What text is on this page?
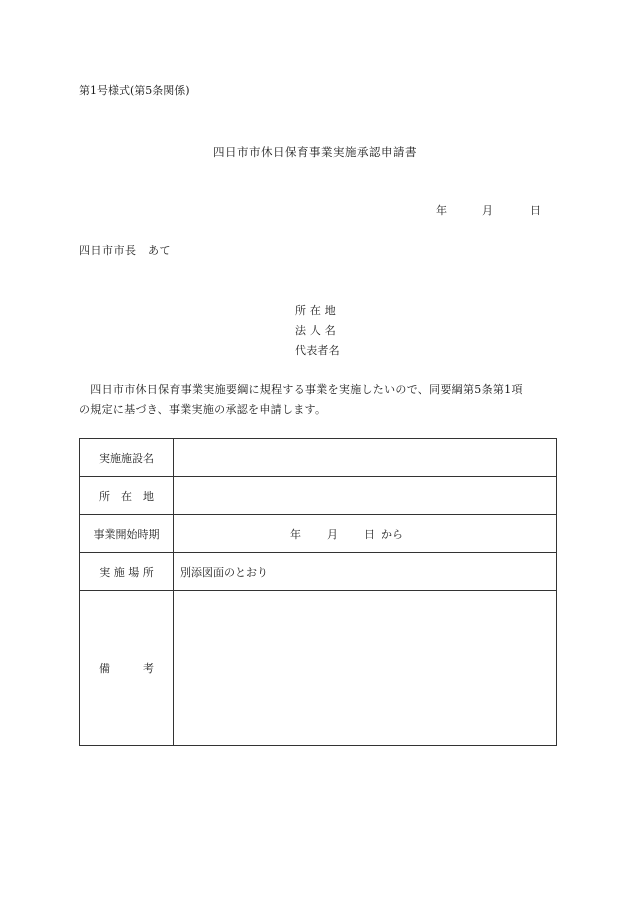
第1号様式(第5条関係)
四日市市休日保育事業実施承認申請書
年	月	日
四日市市長　あて
所 在 地
法 人 名
代表者名

　四日市市休日保育事業実施要綱に規程する事業を実施したいので、同要綱第5条第1項

の規定に基づき、事業実施の承認を申請します。

実施施設名	
所　在　地	
事業開始時期	年 月 日 から

実 施 場 所	別添図面のとおり
備　　　考	
